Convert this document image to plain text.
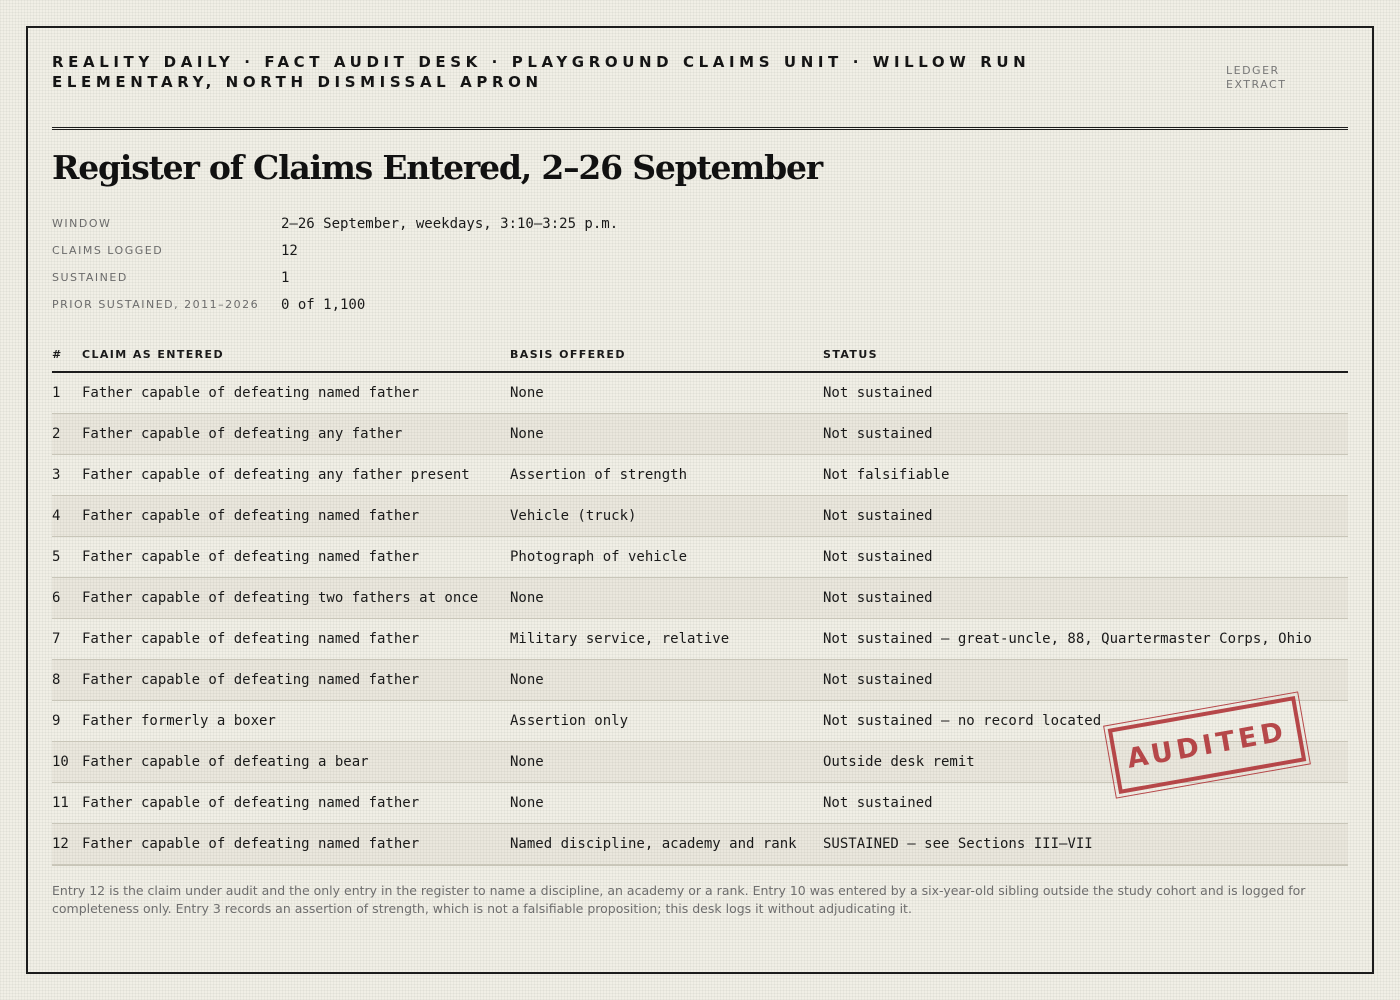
REALITY DAILY · FACT AUDIT DESK · PLAYGROUND CLAIMS UNIT · WILLOW RUN ELEMENTARY, NORTH DISMISSAL APRON
LEDGER EXTRACT
Register of Claims Entered, 2–26 September
WINDOW	2–26 September, weekdays, 3:10–3:25 p.m.
CLAIMS LOGGED	12
SUSTAINED	1
PRIOR SUSTAINED, 2011–2026	0 of 1,100
#	CLAIM AS ENTERED	BASIS OFFERED	STATUS
1	Father capable of defeating named father	None	Not sustained
2	Father capable of defeating any father	None	Not sustained
3	Father capable of defeating any father present	Assertion of strength	Not falsifiable
4	Father capable of defeating named father	Vehicle (truck)	Not sustained
5	Father capable of defeating named father	Photograph of vehicle	Not sustained
6	Father capable of defeating two fathers at once	None	Not sustained
7	Father capable of defeating named father	Military service, relative	Not sustained — great-uncle, 88, Quartermaster Corps, Ohio
8	Father capable of defeating named father	None	Not sustained
9	Father formerly a boxer	Assertion only	Not sustained — no record located
10	Father capable of defeating a bear	None	Outside desk remit
11	Father capable of defeating named father	None	Not sustained
12	Father capable of defeating named father	Named discipline, academy and rank	SUSTAINED — see Sections III–VII

Entry 12 is the claim under audit and the only entry in the register to name a discipline, an academy or a rank. Entry 10 was entered by a six-year-old sibling outside the study cohort and is logged for completeness only. Entry 3 records an assertion of strength, which is not a falsifiable proposition; this desk logs it without adjudicating it.

AUDITED
